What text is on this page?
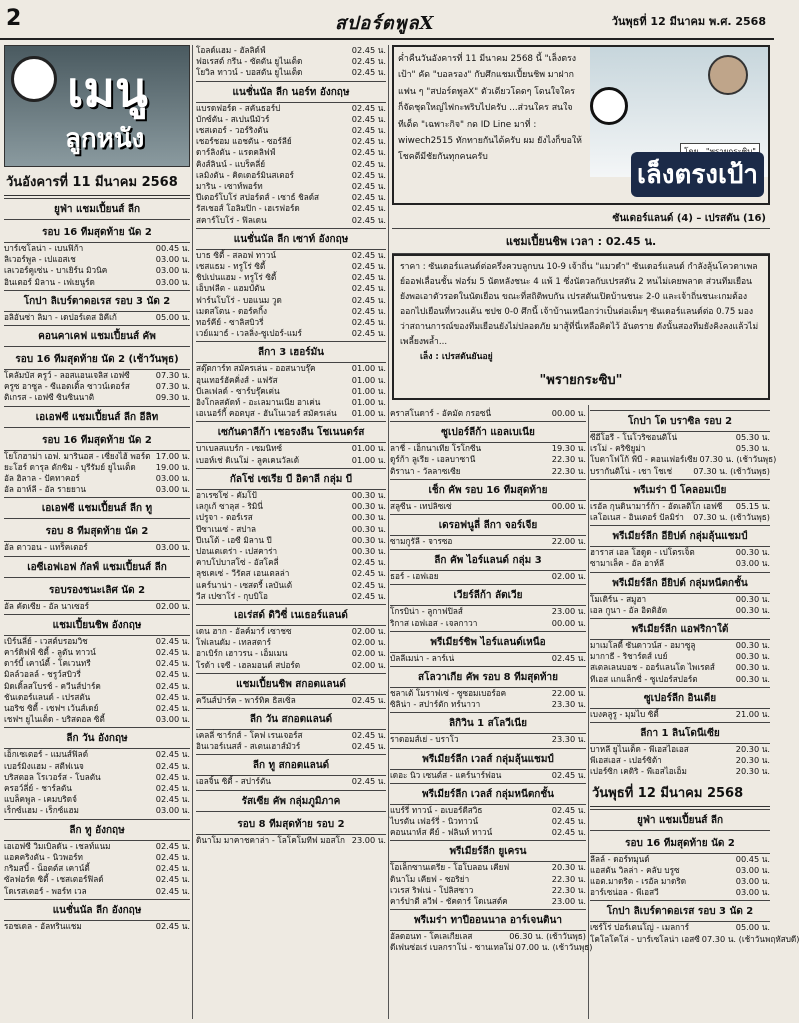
2	สปอร์ตพูลX	วันพุธที่ 12 มีนาคม พ.ศ. 2568
เมนู
ลูกหนัง
วันอังคารที่ 11 มีนาคม 2568
ยูฟ่า แชมเปี้ยนส์ ลีก
รอบ 16 ทีมสุดท้าย นัด 2
บาร์เซโลน่า - เบนฟิก้า	00.45 น.
ลิเวอร์พูล - เปแอสเช	03.00 น.
เลเวอร์คูเซ่น - บาเยิร์น มิวนิค	03.00 น.
อินเตอร์ มิลาน - เฟเยนูร์ด	03.00 น.
โกปา ลิเบร์ตาดอเรส รอบ 3 นัด 2
อลิอันซ่า ลิมา - เดปอร์เตส อิคีเก้	05.00 น.
คอนคาเคฟ แชมเปี้ยนส์ คัพ
รอบ 16 ทีมสุดท้าย นัด 2 (เช้าวันพุธ)
โคลัมบัส ครูว์ - ลอสแอนเจลิส เอฟซี	07.30 น.
ครูซ อาซูล - ซีแอตเติ้ล ซาวน์เดอร์ส	07.30 น.
ติเกรส - เอฟซี ซินซินนาติ	09.30 น.
เอเอฟซี แชมเปี้ยนส์ ลีก อีลิท
รอบ 16 ทีมสุดท้าย นัด 2
โยโกฮาม่า เอฟ. มารินอส - เซี่ยงไฮ้ พอร์ต 17.00 น.
ยะโฮร์ ดารุล ตักซิม - บุรีรัมย์ ยูไนเต็ด 19.00 น.
อัล ฮิลาล - ปัคทาคอร์	03.00 น.
อัล อาห์ลี - อัล รายยาน	03.00 น.
เอเอฟซี แชมเปี้ยนส์ ลีก ทู
รอบ 8 ทีมสุดท้าย นัด 2
อัล ตาวอน - แทร็คเตอร์	03.00 น.
เอซีเอฟเอฟ กัลฟ์ แชมเปี้ยนส์ ลีก
รอบรองชนะเลิศ นัด 2
อัล คัดเซีย - อัล นาเซอร์	02.00 น.
แชมเปี้ยนชิพ อังกฤษ
เบิร์นลี่ย์ - เวสต์บรอมวิช	02.45 น.
คาร์ดิฟฟ์ ซิตี้ - ลูตัน ทาวน์	02.45 น.
ดาร์บี้ เคาน์ตี้ - โคเวนทรี	02.45 น.
มิลล์วอลล์ - ชรูว์สบิวรี่	02.45 น.
มิดเดิ้ลสโบรช์ - ควีนส์ปาร์ค	02.45 น.
ชันเดอร์แลนด์ - เปรสตัน	02.45 น.
นอริช ซิตี้ - เชฟฯ เว้นส์เดย์	02.45 น.
เชฟฯ ยูไนเต็ด - บริสตอล ซิตี้	03.00 น.
ลีก วัน อังกฤษ
เอ็กเซเตอร์ - แมนส์ฟิลด์	02.45 น.
เบอร์มิงแฮม - สตีฟเนจ	02.45 น.
บริสตอล โรเวอร์ส - โบลตัน	02.45 น.
ครอว์ลี่ย์ - ชาร์ลตัน	02.45 น.
แบล็คพูล - เคมบริดจ์	02.45 น.
เร็กซ์แฮม - เร็กซ์แฮม	03.00 น.
ลีก ทู อังกฤษ
เอเอฟซี วิมเบิลดัน - เชลท์แนม	02.45 น.
แอคคริงตัน - นิวพอร์ท	02.45 น.
กริมสบี้ - น็อตต์ส เคาน์ตี้	02.45 น.
ซัลฟอร์ด ซิตี้ - เชสเตอร์ฟิลด์	02.45 น.
โดเรสเตอร์ - พอร์ท เวล	02.45 น.
แนชั่นนัล ลีก อังกฤษ
รอชเดล - อัลทรินแชม	02.45 น.
โอลด์แฮม - ฮัลลิด์ฟ์	02.45 น.
ฟอเรสต์ กรีน - ซัตตัน ยูไนเต็ด	02.45 น.
โยวิล ทาวน์ - บอสตัน ยูไนเต็ด	02.45 น.
แนชั่นนัล ลีก นอร์ท อังกฤษ
แบรดฟอร์ด - สคันธอร์ป	02.45 น.
บักซ์ตัน - สเปนนีมัวร์	02.45 น.
เชสเตอร์ - วอร์ริงตัน	02.45 น.
เชอร์ชอม แอชตัน - ซอร์ลีย์	02.45 น.
ดาร์ลิงตัน - แรดคลิฟฟ์	02.45 น.
คิงส์ลินน์ - แบร็คลี่ย์	02.45 น.
เลมิงตัน - คิดเดอร์มินสเตอร์	02.45 น.
มาริน - เซาท์พอร์ท	02.45 น.
ปีเตอร์โบโร่ สปอร์ตส์ - เซาธ์ ชิลด์ส	02.45 น.
รัสเชอส์ โอลิมปิก - เฮเรฟอร์ด	02.45 น.
สคาร์โบโร่ - ฟิลเดน	02.45 น.
แนชั่นนัล ลีก เซาท์ อังกฤษ
บาธ ซิตี้ - สลอฟ ทาวน์	02.45 น.
เชสแธม - ทรูโร่ ซิตี้	02.45 น.
ชิปเปนแฮม - ทรูโร่ ซิตี้	02.45 น.
เอ็บฟลีต - แฮมป์ตัน	02.45 น.
ฟาร์นโบโร่ - บอแนม วูด	02.45 น.
เมดสโตน - ดอร์คกิ้ง	02.45 น.
ทอร์คีย์ - ซาลิสบิวรี่	02.45 น.
เวย์แมาธ์ - เวลลิ่ง-ซูเปอร์-แมร์	02.45 น.
ลีกา 3 เฮอร์มัน
สตุ๊ตการ์ท สมัครเล่น - ออสนาบรุ๊ค	01.00 น.
อุนเทอร์ฮัคคิ่งส์ - แฟรัส	01.00 น.
บีเลเฟลด์ - ซาร์บรุ๊คเค่น	01.00 น.
อิงโกลสตัดท์ - อะเลมานเนีย อาเค่น	01.00 น.
เอเนอร์กี้ คอตบุส - ฮันโนเวอร์ สมัครเล่น 01.00 น.
เซกันดาลีก้า เชอรงลีน โชเนนดร์ส
บาเบลสแบร์ก - เซมนิทซ์	01.00 น.
เบอห์เช่ ดิเนโม่ - ลูคเคนวัลเด้	01.00 น.
กัลโช่ เซเรีย บี อิตาลี กลุ่ม บี
อาเรซโซ่ - คัมโป้	00.30 น.
เลกูเก้ ซาลุส - ริมินี่	00.30 น.
เปรูจา - ตอร์เรส	00.30 น.
ปีซาเนเซ่ - สปาล	00.30 น.
ปีเนโต้ - เอซี มิลาน ปี	00.30 น.
ปอนเตเดร่า - เปสคาร่า	00.30 น.
คาบโปบาสโซ่ - อัสโคลี่	02.45 น.
ลุชเคเซ่ - วีรัตส เอนเตลล่า	02.45 น.
แคร์นาน่า - เซสตรี้ เลบันเต้	02.45 น.
วีส เปซาโร่ - กุบบิโอ	02.45 น.
เอเร่สด์ ดิวิซี่ เนเธอร์แลนด์
เดน ฮาก - อัลค์มาร์ เซาชซ	02.00 น.
โฟเลนดัม - เทลสตาร์	02.00 น.
อาเบิร์ก เฮาวรน - เอ็มเมน	02.00 น.
โรด้า เจซี - เฮลมอนด์ สปอร์ต	02.00 น.
แชมเปี้ยนชิพ สกอตแลนด์
ควีนส์ปาร์ค - พาร์ทิค ธิสเซิ่ล	02.45 น.
ลีก วัน สกอตแลนด์
เคลลี่ ซาร์กส์ - โคฟ เรนเจอร์ส	02.45 น.
อินเวอร์เนสส์ - สเตนเฮาส์มัวร์	02.45 น.
ลีก ทู สกอตแลนด์
เอลจิ้น ซิตี้ - สปาร์ตัน	02.45 น.
รัสเซีย คัพ กลุ่มภูมิภาค
รอบ 8 ทีมสุดท้าย รอบ 2
ดินาโม มาคาชคาล่า - โลโคโมทีฟ มอสโก 23.00 น.
ค่ำคืนวันอังคารที่ 11 มีนาคม 2568 นี้ "เล็งตรงเป้า" คัด "บอลรอง" กับศึกแชมเปี้ยนชิพ มาฝากแฟน ๆ "สปอร์ตพูลX" ตัวเดียวโดดๆ โดนใจใคร ก็จัดชุดใหญ่ไฟกะพริบไปครับ ...ส่วนใคร สนใจทีเด็ด "เฉพาะกิจ" กด ID Line มาที่ : wiwech2515 ทักทายกันได้ครับ ผม ยังไงก็ขอให้โชคดีมีชัยกันทุกคนครับ
เล็งตรงเป้า
ซันเดอร์แลนด์ (4) – เปรสตัน (16)
แชมเปี้ยนชิพ เวลา : 02.45 น.
ราคา : ซันเดอร์แลนด์ต่อครึ่งควบลูกบน 10-9 เจ้าถิ่น "แมวดำ" ซันเดอร์แลนด์ กำลังลุ้นโควตาเพลย์ออฟเลื่อนชั้น ฟอร์ม 5 นัดหลังชนะ 4 แพ้ 1 ซึ่งนัดวลกับเปรสตัน 2 หนไม่เคยพลาด ส่วนทีมเยือน ยังพอเอาตัวรอดในนัดเยือน ขณะที่สถิติพบกัน เปรสตันเปิดบ้านชนะ 2-0 และเจ้าถิ่นชนะเกมต้องออกไปเยือนที่ทวงแค้น ชปช 0-0 ศึกนี้ เจ้าบ้านเหนือกว่าเป็นต่อเต็มๆ ซันเดอร์แลนด์ต่อ 0.75 มองว่าสถานการณ์ของทีมเยือนยังไม่ปลอดภัย มาสู้ที่นี่เหลือคิดไว้ อันตราย ดังนั้นสองทีมยังคิงลงแล้วไม่เพลี้ยงพล้ำ...
เล็ง : เปรสตันยันอยู่
"พรายกระซิบ"
คราสโนดาร์ - อัคมัต กรอซนี่	00.00 น.
ซูเปอร์ลีก้า แอลเบเนีย
ลาชี่ - เอ็กนาเทีย โรโกซีน	19.30 น.
ดูร์ก้า ลูเรีย - เอลบาซานี	22.30 น.
ติรานา - วัลลาซเซีย	22.30 น.
เช็ก คัพ รอบ 16 ทีมสุดท้าย
สลูซีน - เทปลิซเซ่	00.00 น.
เดรอฟนูลี่ ลีกา จอร์เจีย
ซามกูรัลี - จารซอ	22.00 น.
ลีก คัพ ไอร์แลนด์ กลุ่ม 3
ธอร์ - เอฟเอย	02.00 น.
เวียร์ลีก้า ลัตเวีย
โกรบิน่า - ลูกาฟปิลส์	23.00 น.
ริกาส เอฟเอส - เจลกาวา	00.00 น.
พรีเมียร์ชิพ ไอร์แลนด์เหนือ
บัลลีเมน่า - ลาร์เน่	02.45 น.
สโลวาเกีย คัพ รอบ 8 ทีมสุดท้าย
ชลาเต้ โมราฟเซ่ - ซูซอมเบอร์อค	22.00 น.
ซิลิน่า - สปาร์ตัก ทร์นาวา	23.30 น.
ลิกิวิน 1 สโลวีเนีย
ราดอมส์เย่ - บราโว	23.30 น.
พรีเมียร์ลีก เวลส์ กลุ่มลุ้นแชมป์
เดอะ นิว เซนต์ส - แคร์นาร์ฟอน	02.45 น.
พรีเมียร์ลีก เวลส์ กลุ่มหนีตกชั้น
แบร์รี่ ทาวน์ - อเบอร์ดีสวิธ	02.45 น.
ไบรตัน เฟอร์รี่ - นิวทาวน์	02.45 น.
คอนนาห์ส คีย์ - ฟลินท์ ทาวน์	02.45 น.
พรีเมียร์ลีก ยูเครน
โอเล็กซานเดรีย - โอโบลอน เคียฟ	20.30 น.
ดินาโม เคียฟ - ซอริย่า	22.30 น.
เวเรส ริฟเน่ - โปลิสซาว	22.30 น.
คาร์ปาตี ลวีฟ - ชัคตาร์ โดเนสต์ค	23.00 น.
พรีเมร่า ทาปีออนนาล อาร์เจนตินา
อัลดอนท - โคเลเกียเลส	06.30 น. (เช้าวันพุธ)
ดีเฟนซ่อเร่ เบลกราโน่ - ซานเทลโม่ 07.00 น. (เช้าวันพุธ)
โกปา โด บราซิล รอบ 2
ซีอีโอรี - โนโวริซอนติโน่	05.30 น.
เรโม่ - คริซิยูม่า	05.30 น.
โบตาโฟโก้ พีบี - คอนเฟอร์เซีย 07.30 น. (เช้าวันพุธ)
บรากันติโน่ - เชา โชเช่	07.30 น. (เช้าวันพุธ)
พรีเมร่า บี โคลอมเบีย
เรอัล กุนดินามาร์ก้า - อัตเลติโก เอฟซี 05.15 น.
เลโอเนส - อินเตอร์ ปัลมิร่า 07.30 น. (เช้าวันพุธ)
พรีเมียร์ลีก อียิปต์ กลุ่มลุ้นแชมป์
ฮาราส เอล โฮดูด - เปโตรเจ็ต	00.30 น.
ซามาเล็ค - อัล อาห์ลี	03.00 น.
พรีเมียร์ลีก อียิปต์ กลุ่มหนีตกชั้น
โมเดิร์น - สมูฮา	00.30 น.
เอล กูนา - อัล อิตติฮัด	00.30 น.
พรีเมียร์ลีก แอฟริกาใต้
มาเมโลดี้ ซันดาวน์ส - อมาซูลู	00.30 น.
มากาธี - ริชาร์ดส์ เบย์	00.30 น.
สเตลเลนบอช - ออร์แลนโด ไพเรตส์	00.30 น.
ทีเอส แกแล็กซี่ - ซูเปอร์สปอร์ต	00.30 น.
ซูเปอร์ลีก อินเดีย
เบงคลูรู - มุมไบ ซิตี้	21.00 น.
ลีกา 1 ลินโดนีเซีย
บาหลี ยูไนเต็ด - พีเอสไอเอส	20.30 น.
พีเอสเอส - เปอร์ซิต้า	20.30 น.
เปอร์ซิก เคดิริ - พีเอสไอเอ็ม	20.30 น.
วันพุธที่ 12 มีนาคม 2568
ยูฟ่า แชมเปี้ยนส์ ลีก
รอบ 16 ทีมสุดท้าย นัด 2
ลีลล์ - ดอร์ทมุนด์	00.45 น.
แอสตัน วิลล่า - คลับ บรูซ	03.00 น.
แอต.มาดริด - เรอัล มาดริด	03.00 น.
อาร์เซน่อล - พีเอสวี	03.00 น.
โกปา ลิเบร์ตาดอเรส รอบ 3 นัด 2
เซร์โร่ ปอร์เตนโญ่ - เมลการ์	05.00 น.
โคโลโคโล่ - บาร์เซโลน่า เอสซี 07.30 น. (เช้าวันพฤหัสบดี)
